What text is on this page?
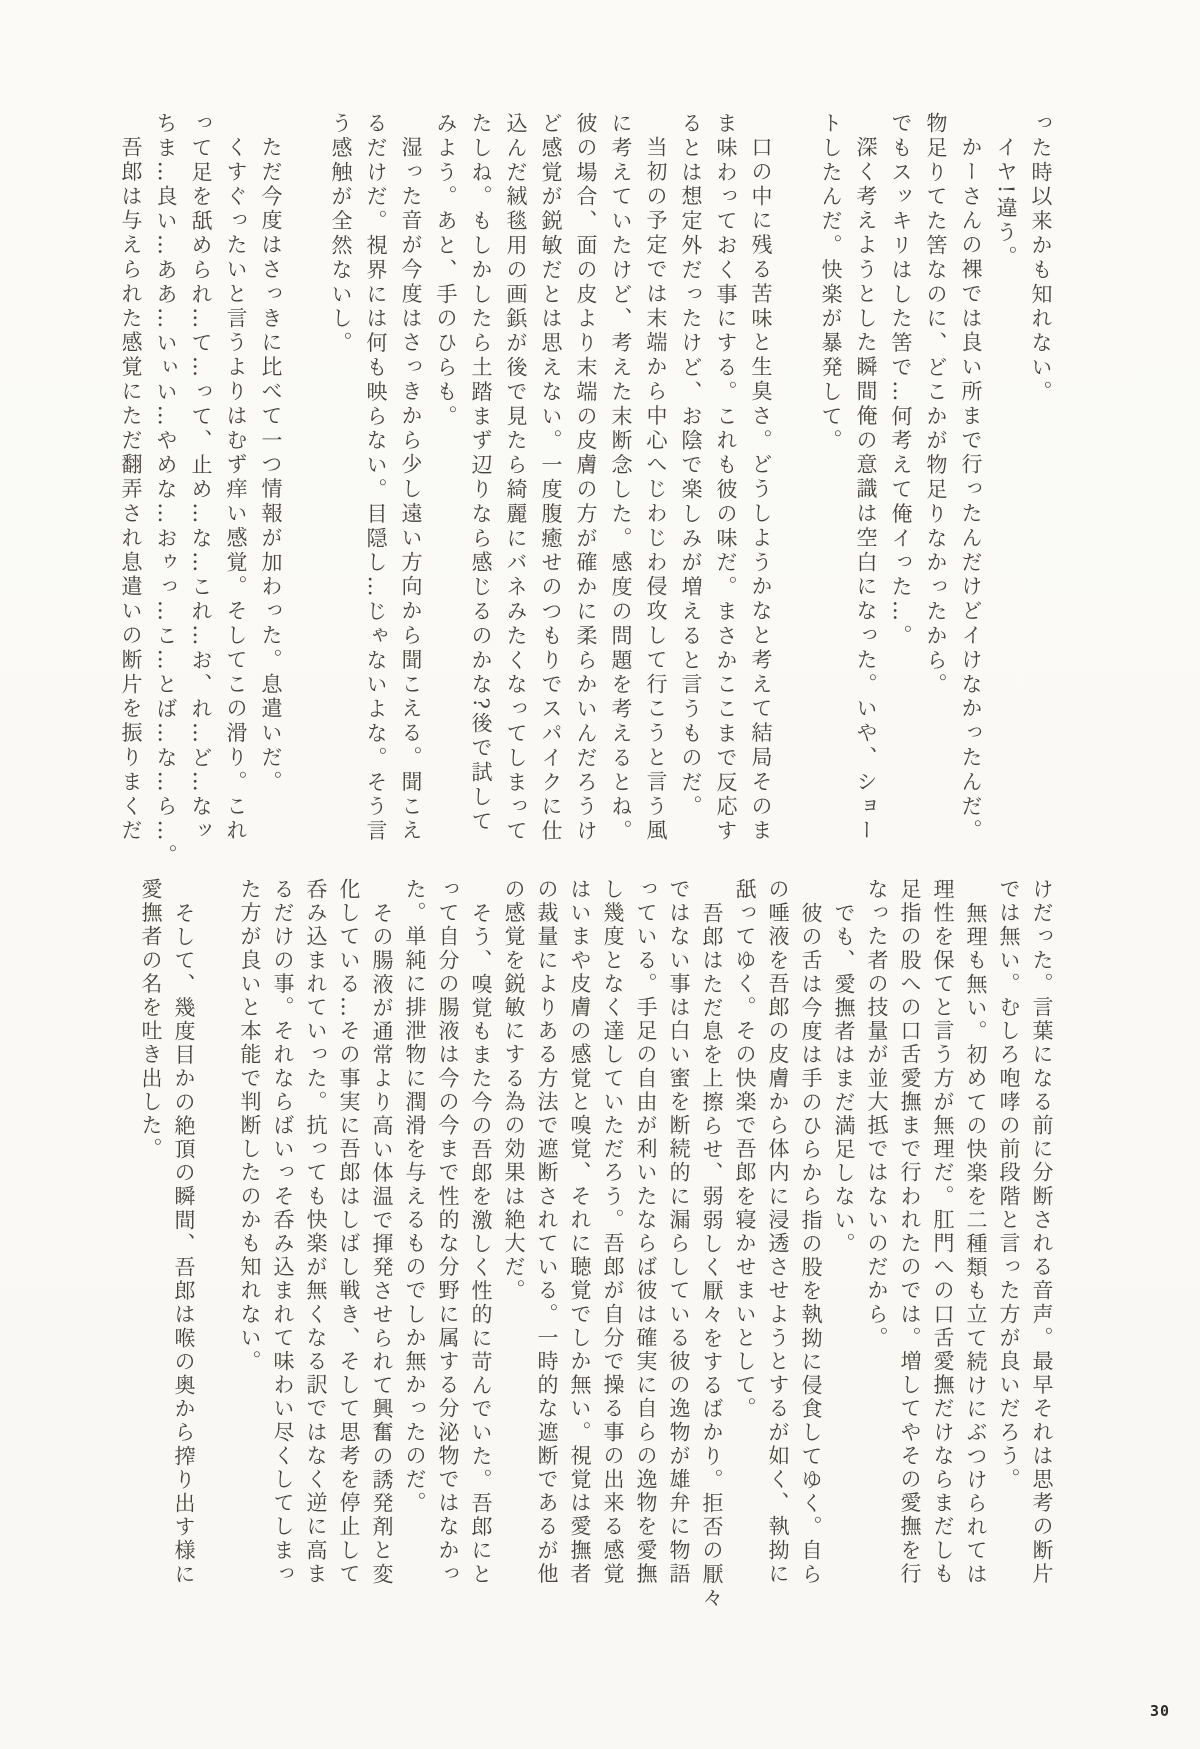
った時以来かも知れない。
イヤ!違う。
かーさんの裸では良い所まで行ったんだけどイけなかったんだ。
物足りてた筈なのに、どこかが物足りなかったから。
でもスッキリはした筈で…何考えて俺イった…。
深く考えようとした瞬間俺の意識は空白になった。いや、ショー
トしたんだ。快楽が暴発して。
口の中に残る苦味と生臭さ。どうしようかなと考えて結局そのま
ま味わっておく事にする。これも彼の味だ。まさかここまで反応す
るとは想定外だったけど、お陰で楽しみが増えると言うものだ。
当初の予定では末端から中心へじわじわ侵攻して行こうと言う風
に考えていたけど、考えた末断念した。感度の問題を考えるとね。
彼の場合、面の皮より末端の皮膚の方が確かに柔らかいんだろうけ
ど感覚が鋭敏だとは思えない。一度腹癒せのつもりでスパイクに仕
込んだ絨毯用の画鋲が後で見たら綺麗にバネみたくなってしまって
たしね。もしかしたら土踏まず辺りなら感じるのかな?後で試して
みよう。あと、手のひらも。
湿った音が今度はさっきから少し遠い方向から聞こえる。聞こえ
るだけだ。視界には何も映らない。目隠し…じゃないよな。そう言
う感触が全然ないし。
ただ今度はさっきに比べて一つ情報が加わった。息遣いだ。
くすぐったいと言うよりはむず痒い感覚。そしてこの滑り。これ
って足を舐められ…て…って、止め…な…これ…お、れ…ど…なッ
ちま…良い…ああ…いぃい…やめな…おゥっ…こ…とば…な…ら…。
吾郎は与えられた感覚にただ翻弄され息遣いの断片を振りまくだ
けだった。言葉になる前に分断される音声。最早それは思考の断片
では無い。むしろ咆哮の前段階と言った方が良いだろう。
無理も無い。初めての快楽を二種類も立て続けにぶつけられては
理性を保てと言う方が無理だ。肛門への口舌愛撫だけならまだしも
足指の股への口舌愛撫まで行われたのでは。増してやその愛撫を行
なった者の技量が並大抵ではないのだから。
でも、愛撫者はまだ満足しない。
彼の舌は今度は手のひらから指の股を執拗に侵食してゆく。自ら
の唾液を吾郎の皮膚から体内に浸透させようとするが如く、執拗に
舐ってゆく。その快楽で吾郎を寝かせまいとして。
吾郎はただ息を上擦らせ、弱弱しく厭々をするばかり。拒否の厭々
ではない事は白い蜜を断続的に漏らしている彼の逸物が雄弁に物語
っている。手足の自由が利いたならば彼は確実に自らの逸物を愛撫
し幾度となく達していただろう。吾郎が自分で操る事の出来る感覚
はいまや皮膚の感覚と嗅覚、それに聴覚でしか無い。視覚は愛撫者
の裁量によりある方法で遮断されている。一時的な遮断であるが他
の感覚を鋭敏にする為の効果は絶大だ。
そう、嗅覚もまた今の吾郎を激しく性的に苛んでいた。吾郎にと
って自分の腸液は今の今まで性的な分野に属する分泌物ではなかっ
た。単純に排泄物に潤滑を与えるものでしか無かったのだ。
その腸液が通常より高い体温で揮発させられて興奮の誘発剤と変
化している…その事実に吾郎はしばし戦き、そして思考を停止して
呑み込まれていった。抗っても快楽が無くなる訳ではなく逆に高ま
るだけの事。それならばいっそ呑み込まれて味わい尽くしてしまっ
た方が良いと本能で判断したのかも知れない。
そして、幾度目かの絶頂の瞬間、吾郎は喉の奥から搾り出す様に
愛撫者の名を吐き出した。
30
